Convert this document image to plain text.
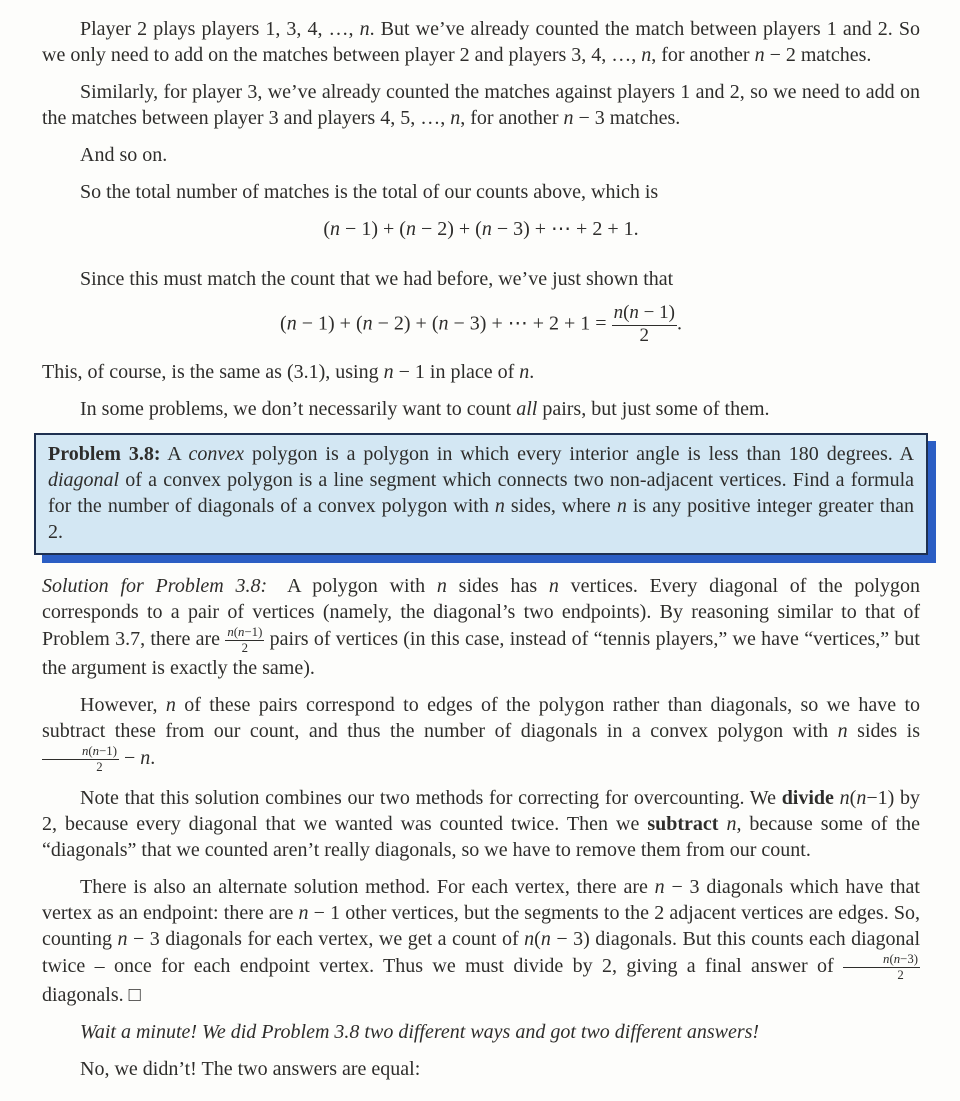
Player 2 plays players 1, 3, 4, …, n. But we’ve already counted the match between players 1 and 2. So we only need to add on the matches between player 2 and players 3, 4, …, n, for another n − 2 matches.

Similarly, for player 3, we’ve already counted the matches against players 1 and 2, so we need to add on the matches between player 3 and players 4, 5, …, n, for another n − 3 matches.

And so on.

So the total number of matches is the total of our counts above, which is

(n − 1) + (n − 2) + (n − 3) + ⋯ + 2 + 1.

Since this must match the count that we had before, we’ve just shown that

(n − 1) + (n − 2) + (n − 3) + ⋯ + $2 + 1 = \frac{n(n - 1)}{2}$ .

This, of course, is the same as (3.1), using n − 1 in place of n.

In some problems, we don’t necessarily want to count all pairs, but just some of them.

Problem 3.8: A convex polygon is a polygon in which every interior angle is less than 180 degrees. A diagonal of a convex polygon is a line segment which connects two non-adjacent vertices. Find a formula for the number of diagonals of a convex polygon with n sides, where n is any positive integer greater than 2.

Solution for Problem 3.8: A polygon with n sides has n vertices. Every diagonal of the polygon corresponds to a pair of vertices (namely, the diagonal’s two endpoints). By reasoning similar to that of Problem 3.7, there are $\frac{n(n-1)}{2}$ pairs of vertices (in this case, instead of “tennis players,” we have “vertices,” but the argument is exactly the same).

However, n of these pairs correspond to edges of the polygon rather than diagonals, so we have to subtract these from our count, and thus the number of diagonals in a convex polygon with n sides is
$\frac{n(n-1)}{2} - n$.

Note that this solution combines our two methods for correcting for overcounting. We divide n(n−1) by 2, because every diagonal that we wanted was counted twice. Then we subtract n, because some of the “diagonals” that we counted aren’t really diagonals, so we have to remove them from our count.

There is also an alternate solution method. For each vertex, there are n − 3 diagonals which have that vertex as an endpoint: there are n − 1 other vertices, but the segments to the 2 adjacent vertices are edges. So, counting n − 3 diagonals for each vertex, we get a count of n(n − 3) diagonals. But this counts each diagonal twice – once for each endpoint vertex. Thus we must divide by 2, giving a final answer of $\frac{n(n-3)}{2}$
diagonals. □

Wait a minute! We did Problem 3.8 two different ways and got two different answers!

No, we didn’t! The two answers are equal:
